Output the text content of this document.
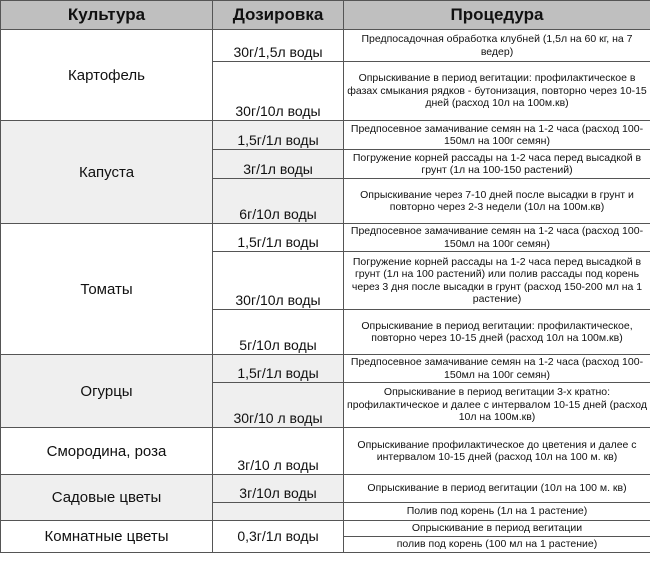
Культура	Дозировка	Процедура
Картофель	30г/1,5л воды	Предпосадочная обработка клубней (1,5л на 60 кг, на 7 ведер)
	30г/10л воды	Опрыскивание в период вегитации: профилактическое в фазах смыкания рядков - бутонизация, повторно через 10-15 дней (расход 10л на 100м.кв)
Капуста	1,5г/1л воды	Предпосевное замачивание семян на 1-2 часа (расход 100-150мл на 100г семян)
	3г/1л воды	Погружение корней рассады на 1-2 часа перед высадкой в грунт (1л на 100-150 растений)
	6г/10л воды	Опрыскивание через 7-10 дней после высадки в грунт и повторно через 2-3 недели (10л на 100м.кв)
Томаты	1,5г/1л воды	Предпосевное замачивание семян на 1-2 часа (расход 100-150мл на 100г семян)
	30г/10л воды	Погружение корней рассады на 1-2 часа перед высадкой в грунт (1л на 100 растений) или полив рассады под корень через 3 дня после высадки в грунт (расход 150-200 мл на 1 растение)
	5г/10л воды	Опрыскивание в период вегитации: профилактическое, повторно через 10-15 дней (расход 10л на 100м.кв)
Огурцы	1,5г/1л воды	Предпосевное замачивание семян на 1-2 часа (расход 100-150мл на 100г семян)
	30г/10 л воды	Опрыскивание в период вегитации 3-х кратно: профилактическое и далее с интервалом 10-15 дней (расход 10л на 100м.кв)
Смородина, роза	3г/10 л воды	Опрыскивание профилактическое до цветения и далее с интервалом 10-15 дней (расход 10л на 100 м. кв)
Садовые цветы	3г/10л воды	Опрыскивание в период вегитации (10л на 100 м. кв)
		Полив под корень (1л на 1 растение)
Комнатные цветы	0,3г/1л воды	Опрыскивание в период вегитации
		полив под корень (100 мл на 1 растение)
